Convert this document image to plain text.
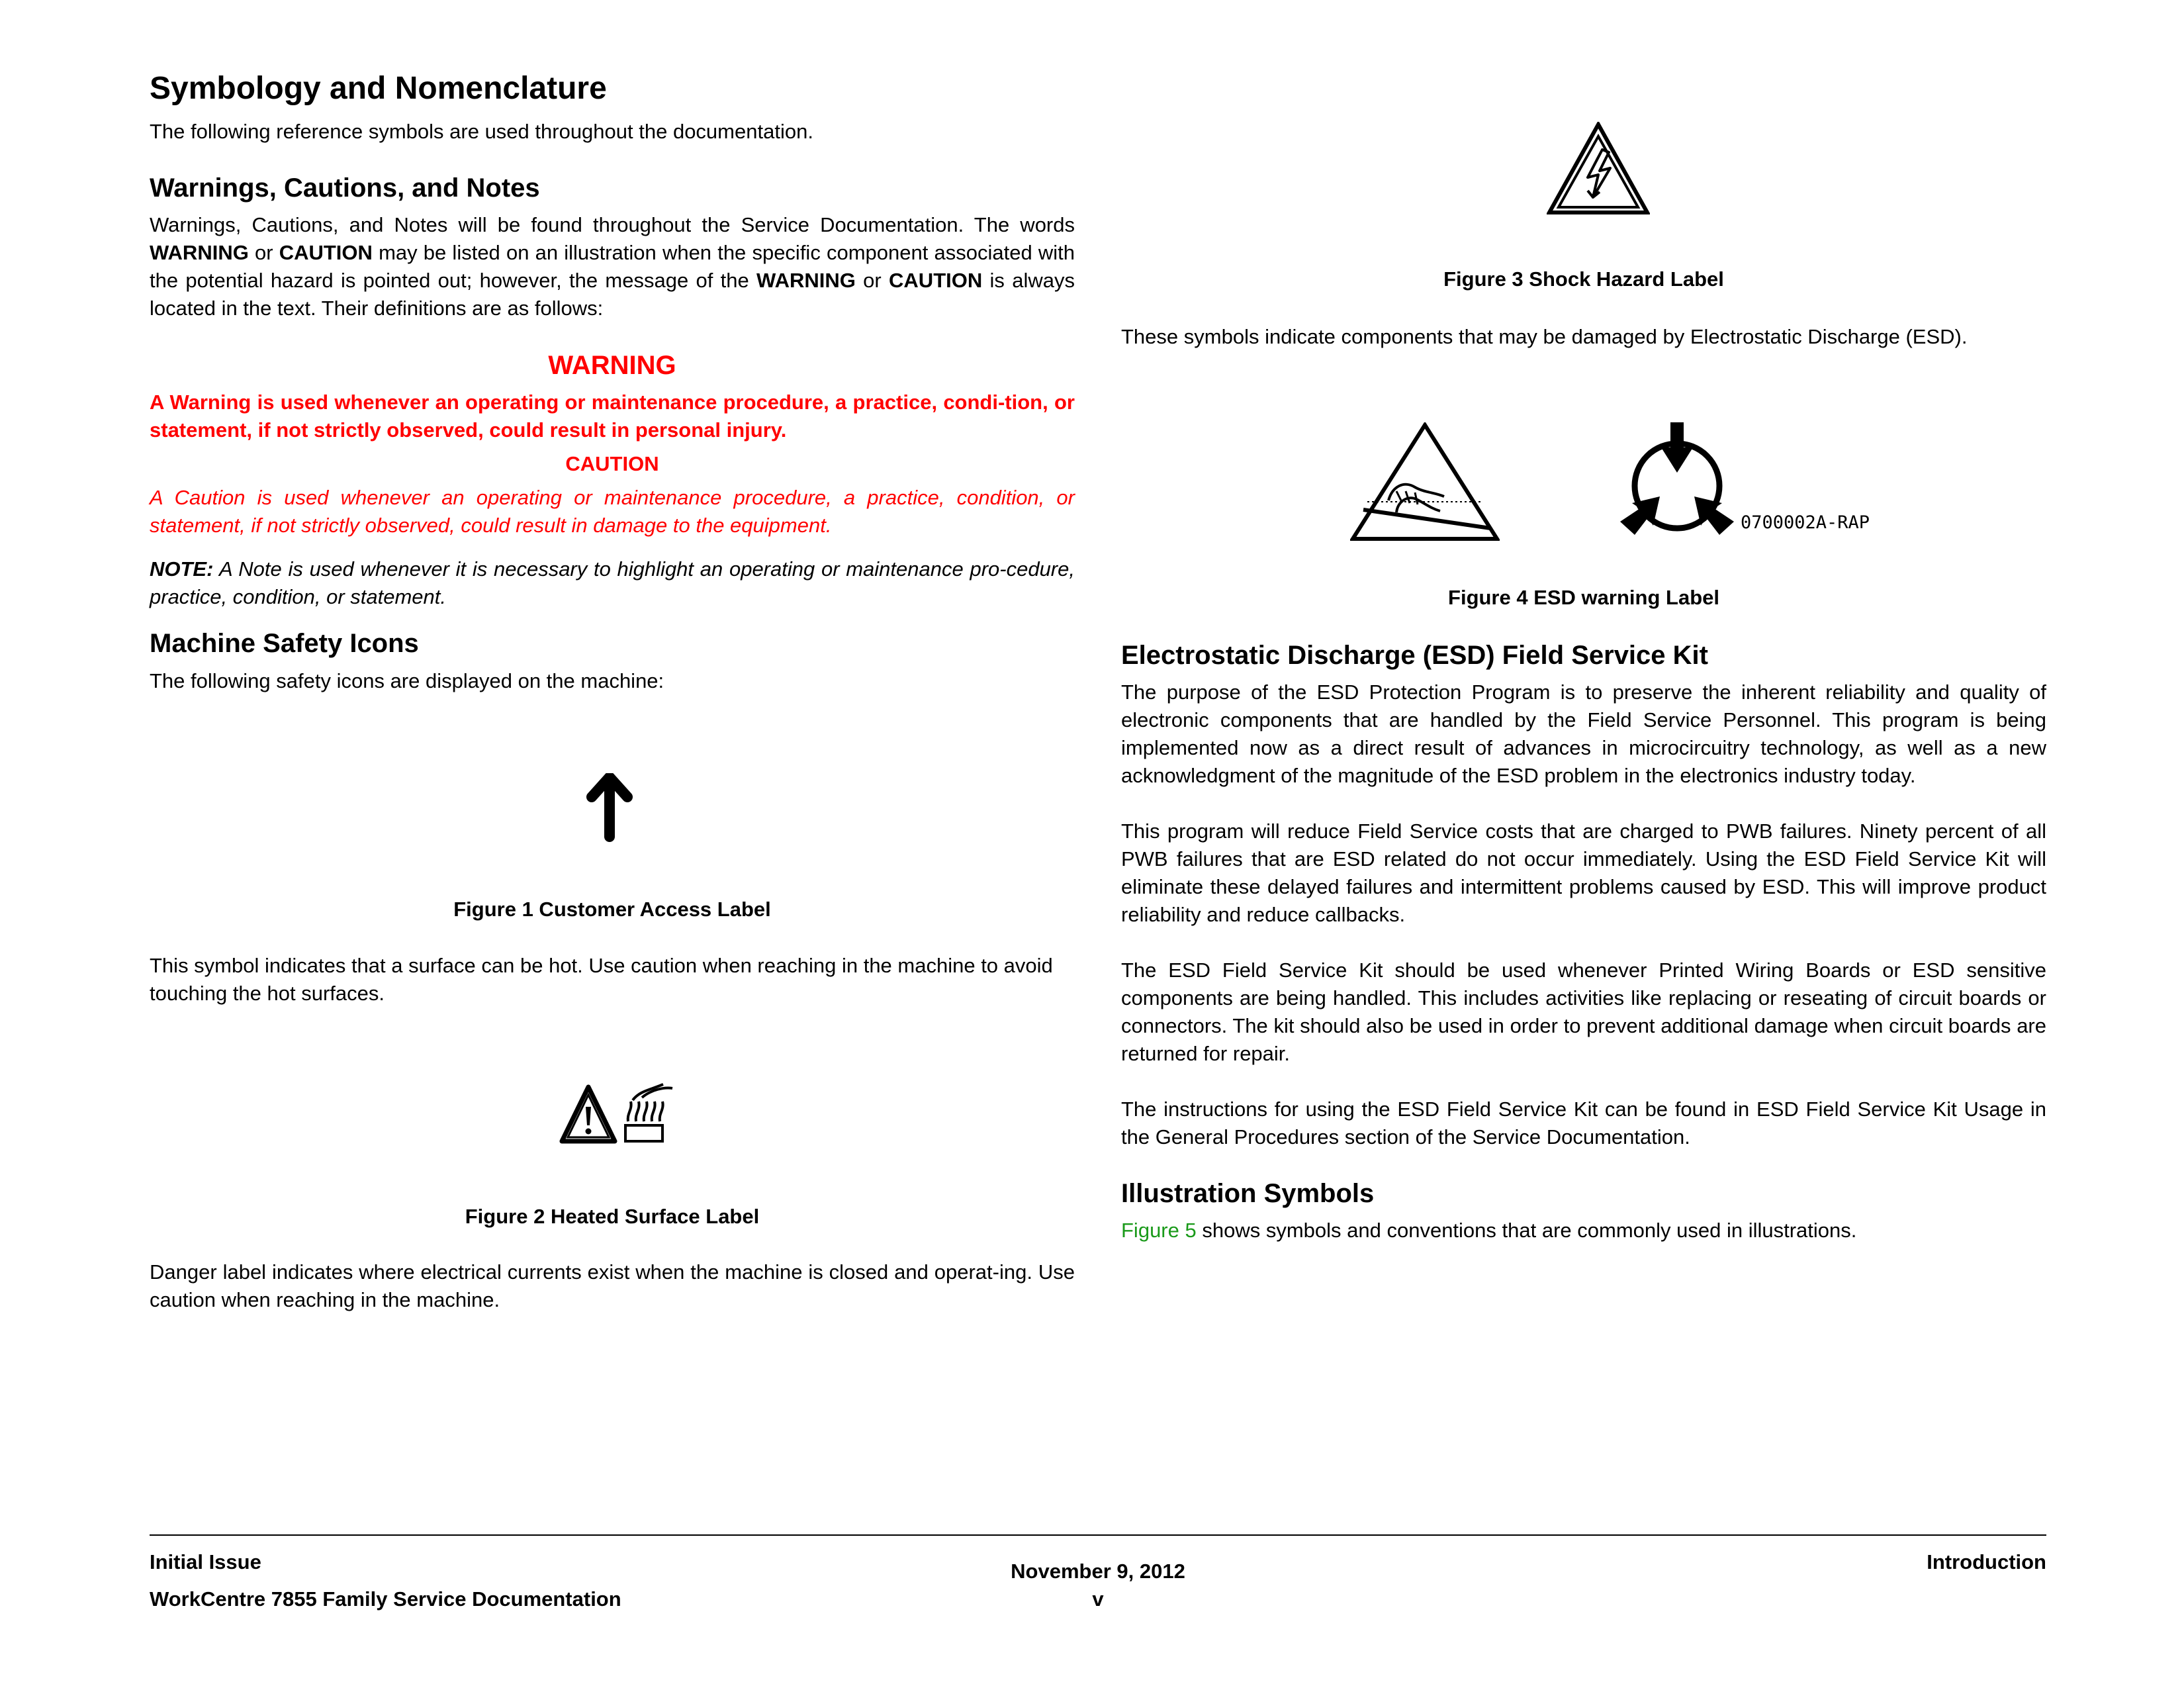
Symbology and Nomenclature

The following reference symbols are used throughout the documentation.

Warnings, Cautions, and Notes

Warnings, Cautions, and Notes will be found throughout the Service Documentation. The words WARNING or CAUTION may be listed on an illustration when the specific component associated with the potential hazard is pointed out; however, the message of the WARNING or CAUTION is always located in the text. Their definitions are as follows:

WARNING

A Warning is used whenever an operating or maintenance procedure, a practice, condi-tion, or statement, if not strictly observed, could result in personal injury.

CAUTION

A Caution is used whenever an operating or maintenance procedure, a practice, condition, or statement, if not strictly observed, could result in damage to the equipment.

NOTE: A Note is used whenever it is necessary to highlight an operating or maintenance pro-cedure, practice, condition, or statement.

Machine Safety Icons

The following safety icons are displayed on the machine:

Figure 1 Customer Access Label

This symbol indicates that a surface can be hot. Use caution when reaching in the machine to avoid touching the hot surfaces.

Figure 2 Heated Surface Label

Danger label indicates where electrical currents exist when the machine is closed and operat-ing. Use caution when reaching in the machine.

Figure 3 Shock Hazard Label

These symbols indicate components that may be damaged by Electrostatic Discharge (ESD).

0700002A-RAP
Figure 4 ESD warning Label
Electrostatic Discharge (ESD) Field Service Kit

The purpose of the ESD Protection Program is to preserve the inherent reliability and quality of electronic components that are handled by the Field Service Personnel. This program is being implemented now as a direct result of advances in microcircuitry technology, as well as a new acknowledgment of the magnitude of the ESD problem in the electronics industry today.

This program will reduce Field Service costs that are charged to PWB failures. Ninety percent of all PWB failures that are ESD related do not occur immediately. Using the ESD Field Service Kit will eliminate these delayed failures and intermittent problems caused by ESD. This will improve product reliability and reduce callbacks.

The ESD Field Service Kit should be used whenever Printed Wiring Boards or ESD sensitive components are being handled. This includes activities like replacing or reseating of circuit boards or connectors. The kit should also be used in order to prevent additional damage when circuit boards are returned for repair.

The instructions for using the ESD Field Service Kit can be found in ESD Field Service Kit Usage in the General Procedures section of the Service Documentation.

Illustration Symbols

Figure 5 shows symbols and conventions that are commonly used in illustrations.

Initial Issue
WorkCentre 7855 Family Service Documentation
November 9, 2012
v
Introduction
